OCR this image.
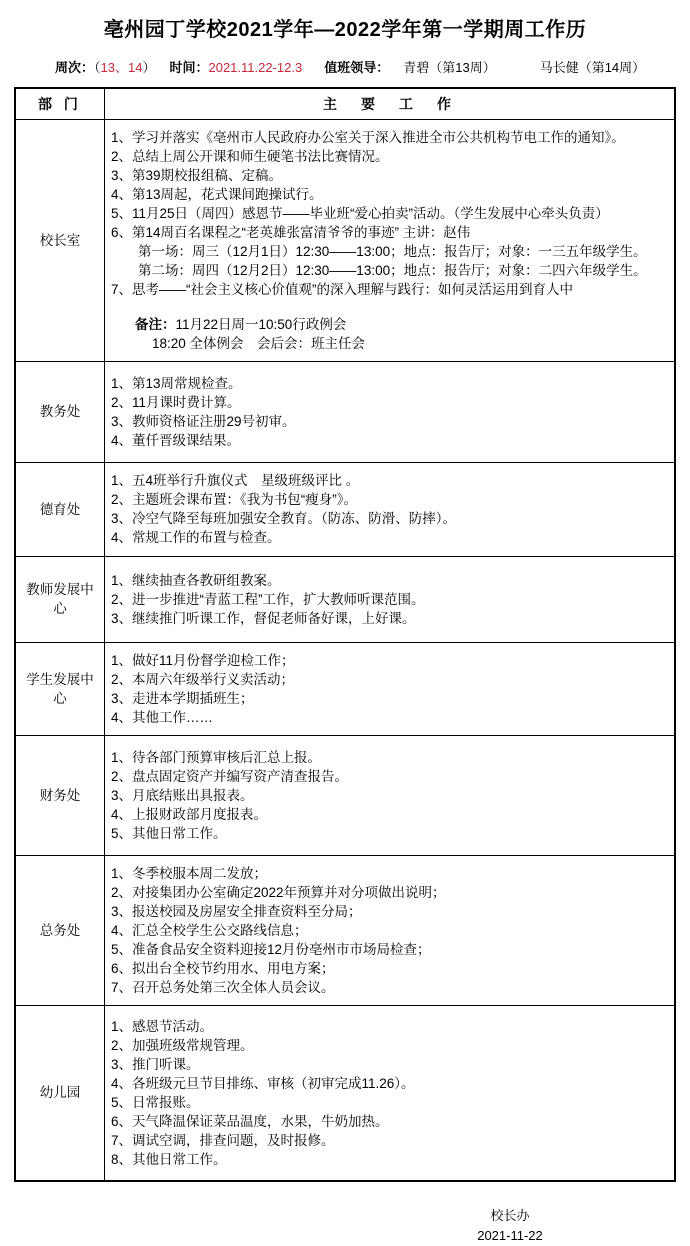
亳州园丁学校2021学年—2022学年第一学期周工作历
周次：（13、14） 时间：2021.11.22-12.3 值班领导： 青碧（第13周）	马长健（第14周）
部 门	主　要　工　作
校长室	
1、学习并落实《亳州市人民政府办公室关于深入推进全市公共机构节电工作的通知》。
2、总结上周公开课和师生硬笔书法比赛情况。
3、第39期校报组稿、定稿。
4、第13周起，花式课间跑操试行。
5、11月25日（周四）感恩节——毕业班“爱心拍卖”活动。（学生发展中心牵头负责）
6、第14周百名课程之“老英雄张富清爷爷的事迹” 主讲：赵伟
　　第一场：周三（12月1日）12:30——13:00；地点：报告厅；对象：一三五年级学生。
　　第二场：周四（12月2日）12:30——13:00；地点：报告厅；对象：二四六年级学生。
7、思考——“社会主义核心价值观”的深入理解与践行：如何灵活运用到育人中
备注：11月22日周一10:50行政例会
18:20 全体例会　会后会：班主任会

教务处	1、第13周常规检查。
2、11月课时费计算。
3、教师资格证注册29号初审。
4、董仟晋级课结果。

德育处	1、五4班举行升旗仪式　星级班级评比 。
2、主题班会课布置：《我为书包“瘦身”》。
3、冷空气降至每班加强安全教育。（防冻、防滑、防摔）。
4、常规工作的布置与检查。

教师发展中心	1、继续抽查各教研组教案。
2、进一步推进“青蓝工程”工作，扩大教师听课范围。
3、继续推门听课工作，督促老师备好课，上好课。

学生发展中心	1、做好11月份督学迎检工作；
2、本周六年级举行义卖活动；
3、走进本学期插班生；
4、其他工作……

财务处	1、待各部门预算审核后汇总上报。
2、盘点固定资产并编写资产清查报告。
3、月底结账出具报表。
4、上报财政部月度报表。
5、其他日常工作。

总务处	
1、冬季校服本周二发放；
2、对接集团办公室确定2022年预算并对分项做出说明；
3、报送校园及房屋安全排查资料至分局；
4、汇总全校学生公交路线信息；
5、准备食品安全资料迎接12月份亳州市市场局检查；
6、拟出台全校节约用水、用电方案；
7、召开总务处第三次全体人员会议。

幼儿园	
1、感恩节活动。
2、加强班级常规管理。
3、推门听课。
4、各班级元旦节目排练、审核（初审完成11.26）。
5、日常报账。
6、天气降温保证菜品温度，水果，牛奶加热。
7、调试空调，排查问题，及时报修。
8、其他日常工作。
校长办
2021-11-22
